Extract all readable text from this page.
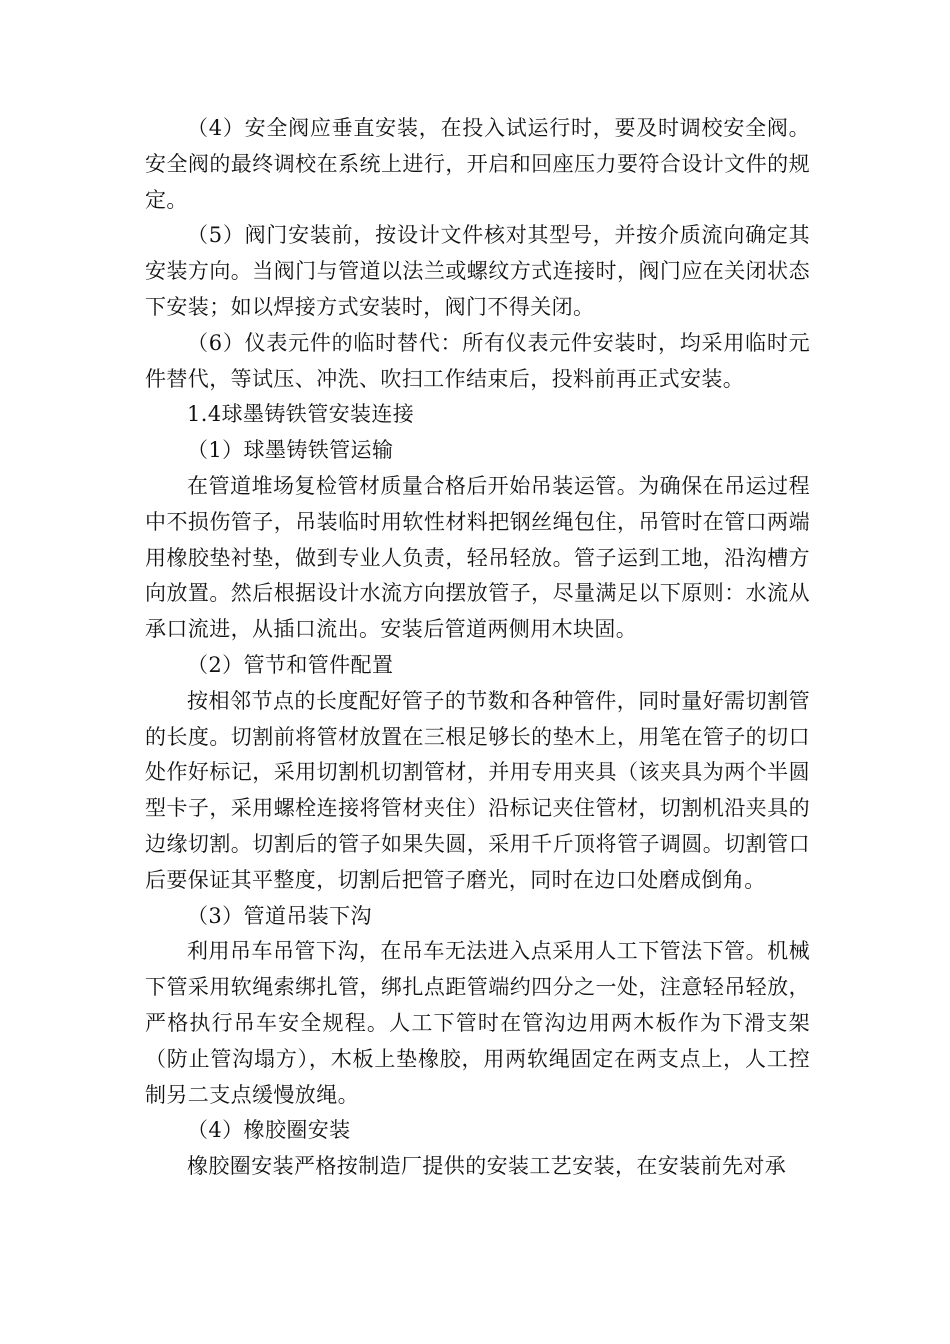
（4）安全阀应垂直安装，在投入试运行时，要及时调校安全阀。安全阀的最终调校在系统上进行，开启和回座压力要符合设计文件的规定。

（5）阀门安装前，按设计文件核对其型号，并按介质流向确定其安装方向。当阀门与管道以法兰或螺纹方式连接时，阀门应在关闭状态下安装；如以焊接方式安装时，阀门不得关闭。

（6）仪表元件的临时替代：所有仪表元件安装时，均采用临时元件替代，等试压、冲洗、吹扫工作结束后，投料前再正式安装。

1.4球墨铸铁管安装连接

（1）球墨铸铁管运输

在管道堆场复检管材质量合格后开始吊装运管。为确保在吊运过程中不损伤管子，吊装临时用软性材料把钢丝绳包住，吊管时在管口两端用橡胶垫衬垫，做到专业人负责，轻吊轻放。管子运到工地，沿沟槽方向放置。然后根据设计水流方向摆放管子，尽量满足以下原则：水流从承口流进，从插口流出。安装后管道两侧用木块固。

（2）管节和管件配置

按相邻节点的长度配好管子的节数和各种管件，同时量好需切割管的长度。切割前将管材放置在三根足够长的垫木上，用笔在管子的切口处作好标记，采用切割机切割管材，并用专用夹具（该夹具为两个半圆型卡子，采用螺栓连接将管材夹住）沿标记夹住管材，切割机沿夹具的边缘切割。切割后的管子如果失圆，采用千斤顶将管子调圆。切割管口后要保证其平整度，切割后把管子磨光，同时在边口处磨成倒角。

（3）管道吊装下沟

利用吊车吊管下沟，在吊车无法进入点采用人工下管法下管。机械下管采用软绳索绑扎管，绑扎点距管端约四分之一处，注意轻吊轻放，严格执行吊车安全规程。人工下管时在管沟边用两木板作为下滑支架（防止管沟塌方），木板上垫橡胶，用两软绳固定在两支点上，人工控制另二支点缓慢放绳。

（4）橡胶圈安装

橡胶圈安装严格按制造厂提供的安装工艺安装，在安装前先对承
